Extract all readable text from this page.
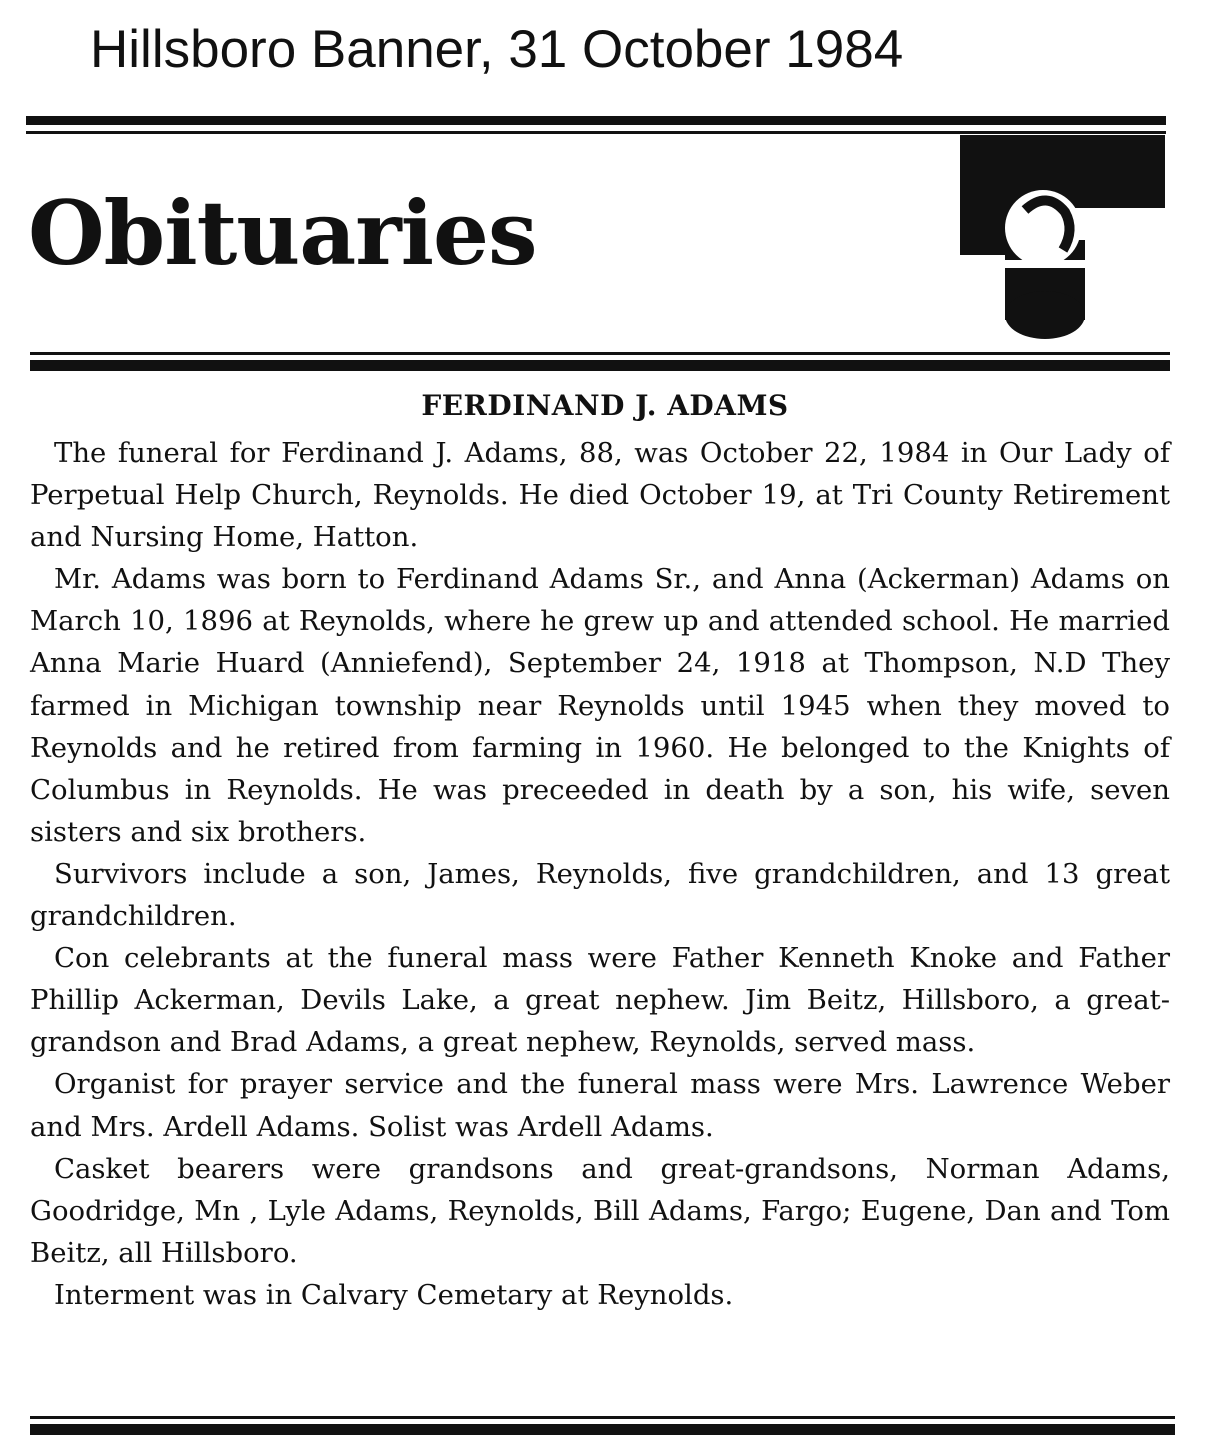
Hillsboro Banner, 31 October 1984
Obituaries
FERDINAND J. ADAMS

The funeral for Ferdinand J. Adams, 88, was October 22, 1984 in Our Lady of Perpetual Help Church, Reynolds. He died October 19, at Tri County Retirement and Nursing Home, Hatton.

Mr. Adams was born to Ferdinand Adams Sr., and Anna (Ackerman) Adams on March 10, 1896 at Reynolds, where he grew up and attended school. He married Anna Marie Huard (Anniefend), September 24, 1918 at Thompson, N.D They farmed in Michigan township near Reynolds until 1945 when they moved to Reynolds and he retired from farming in 1960. He belonged to the Knights of Columbus in Reynolds. He was preceeded in death by a son, his wife, seven sisters and six brothers.

Survivors include a son, James, Reynolds, five grandchildren, and 13 great grandchildren.

Con celebrants at the funeral mass were Father Kenneth Knoke and Father Phillip Ackerman, Devils Lake, a great nephew. Jim Beitz, Hillsboro, a great-grandson and Brad Adams, a great nephew, Reynolds, served mass.

Organist for prayer service and the funeral mass were Mrs. Lawrence Weber and Mrs. Ardell Adams. Solist was Ardell Adams.

Casket bearers were grandsons and great-grandsons, Norman Adams, Goodridge, Mn , Lyle Adams, Reynolds, Bill Adams, Fargo; Eugene, Dan and Tom Beitz, all Hillsboro.

Interment was in Calvary Cemetary at Reynolds.
